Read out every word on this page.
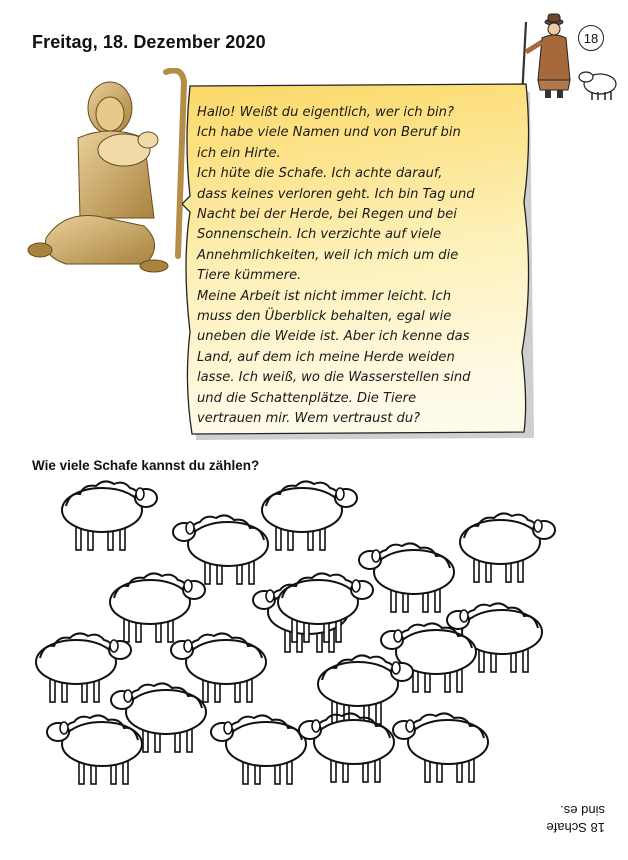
Freitag, 18. Dezember 2020	18

Hallo! Weißt du eigentlich, wer ich bin?

Ich habe viele Namen und von Beruf bin

ich ein Hirte.

Ich hüte die Schafe. Ich achte darauf,

dass keines verloren geht. Ich bin Tag und

Nacht bei der Herde, bei Regen und bei

Sonnenschein. Ich verzichte auf viele

Annehmlichkeiten, weil ich mich um die

Tiere kümmere.

Meine Arbeit ist nicht immer leicht. Ich

muss den Überblick behalten, egal wie

uneben die Weide ist. Aber ich kenne das

Land, auf dem ich meine Herde weiden

lasse. Ich weiß, wo die Wasserstellen sind

und die Schattenplätze. Die Tiere

vertrauen mir. Wem vertraust du?

Wie viele Schafe kannst du zählen?
18 Schafe
sind es.
